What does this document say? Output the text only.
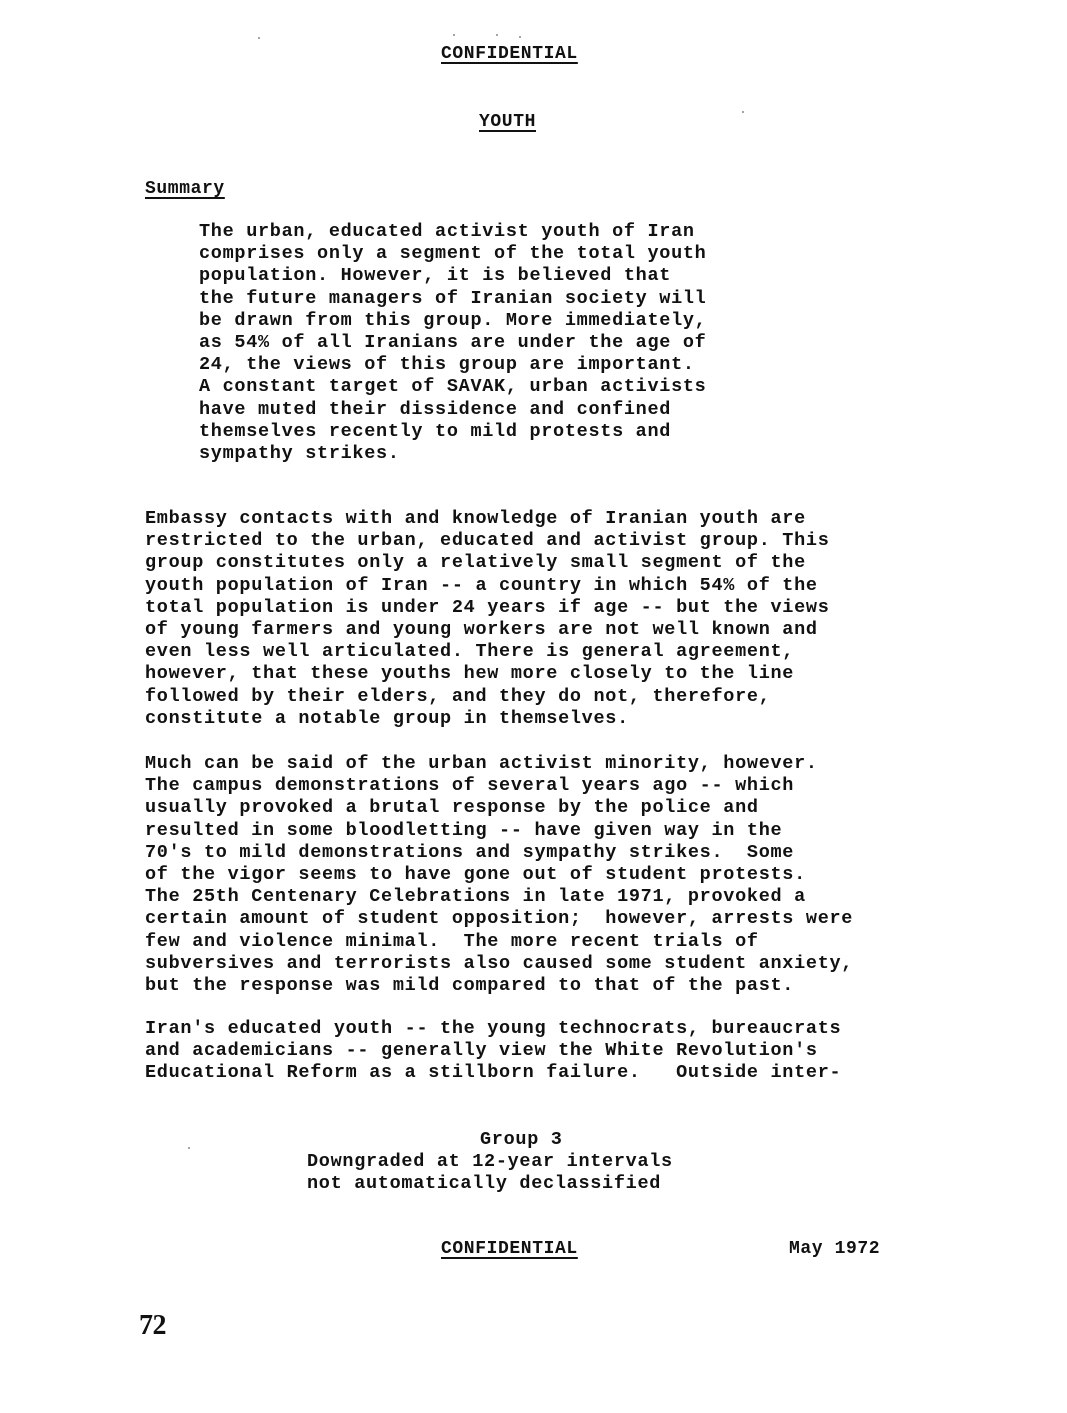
CONFIDENTIAL
YOUTH
Summary
The urban, educated activist youth of Iran
comprises only a segment of the total youth
population. However, it is believed that
the future managers of Iranian society will
be drawn from this group. More immediately,
as 54% of all Iranians are under the age of
24, the views of this group are important.
A constant target of SAVAK, urban activists
have muted their dissidence and confined
themselves recently to mild protests and
sympathy strikes.
Embassy contacts with and knowledge of Iranian youth are
restricted to the urban, educated and activist group. This
group constitutes only a relatively small segment of the
youth population of Iran -- a country in which 54% of the
total population is under 24 years if age -- but the views
of young farmers and young workers are not well known and
even less well articulated. There is general agreement,
however, that these youths hew more closely to the line
followed by their elders, and they do not, therefore,
constitute a notable group in themselves.
Much can be said of the urban activist minority, however.
The campus demonstrations of several years ago -- which
usually provoked a brutal response by the police and
resulted in some bloodletting -- have given way in the
70's to mild demonstrations and sympathy strikes.  Some
of the vigor seems to have gone out of student protests.
The 25th Centenary Celebrations in late 1971, provoked a
certain amount of student opposition;  however, arrests were
few and violence minimal.  The more recent trials of
subversives and terrorists also caused some student anxiety,
but the response was mild compared to that of the past.
Iran's educated youth -- the young technocrats, bureaucrats
and academicians -- generally view the White Revolution's
Educational Reform as a stillborn failure.   Outside inter-
Group 3
Downgraded at 12-year intervals
not automatically declassified
CONFIDENTIAL	May 1972
72
